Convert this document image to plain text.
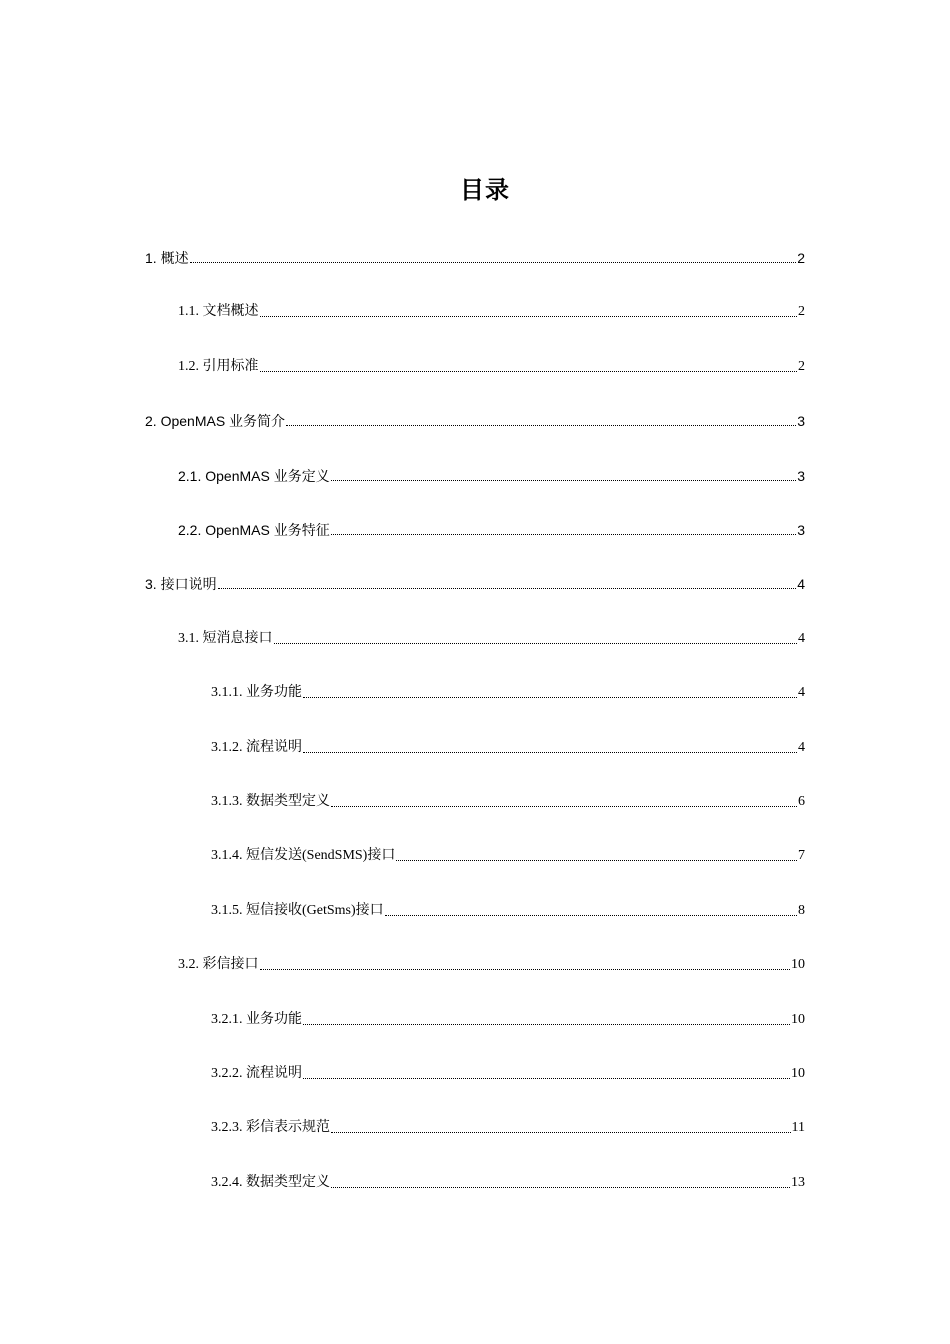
目录
1. 概述	2
1.1. 文档概述	2
1.2. 引用标准	2
2. OpenMAS 业务简介	3
2.1. OpenMAS 业务定义	3
2.2. OpenMAS 业务特征	3
3. 接口说明	4
3.1. 短消息接口	4
3.1.1. 业务功能	4
3.1.2. 流程说明	4
3.1.3. 数据类型定义	6
3.1.4. 短信发送(SendSMS)接口	7
3.1.5. 短信接收(GetSms)接口	8
3.2. 彩信接口	10
3.2.1. 业务功能	10
3.2.2. 流程说明	10
3.2.3. 彩信表示规范	11
3.2.4. 数据类型定义	13
